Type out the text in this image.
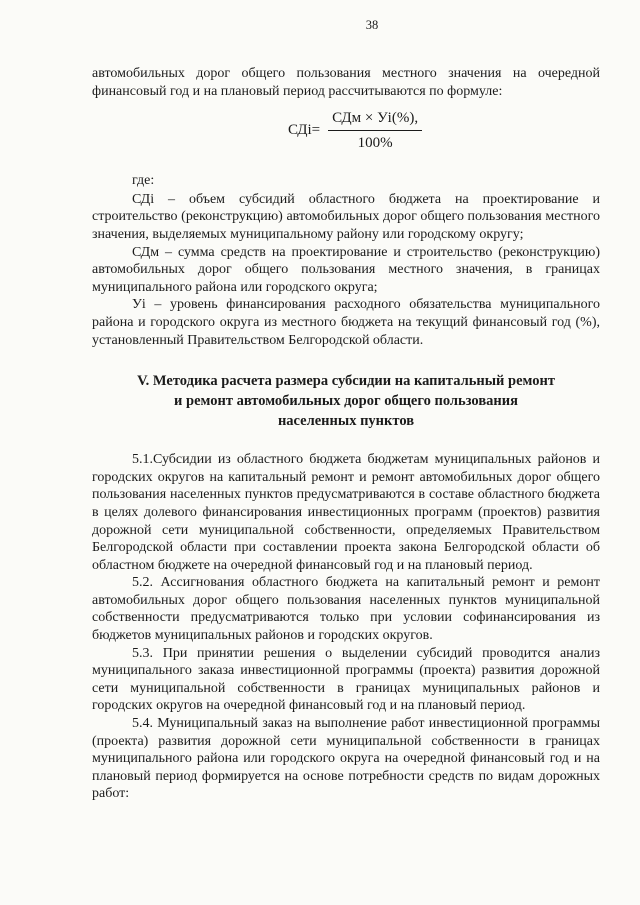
38

автомобильных дорог общего пользования местного значения на очередной финансовый год и на плановый период рассчитываются по формуле:

$СДi= \frac{\text{СДм × Уi(\%),}}{100\%}$
где:

СДi – объем субсидий областного бюджета на проектирование и строительство (реконструкцию) автомобильных дорог общего пользования местного значения, выделяемых муниципальному району или городскому округу;

СДм – сумма средств на проектирование и строительство (реконструкцию) автомобильных дорог общего пользования местного значения, в границах муниципального района или городского округа;

Уi – уровень финансирования расходного обязательства муниципального района и городского округа из местного бюджета на текущий финансовый год (%), установленный Правительством Белгородской области.

V. Методика расчета размера субсидии на капитальный ремонт
и ремонт автомобильных дорог общего пользования
населенных пунктов

5.1.Субсидии из областного бюджета бюджетам муниципальных районов и городских округов на капитальный ремонт и ремонт автомобильных дорог общего пользования населенных пунктов предусматриваются в составе областного бюджета в целях долевого финансирования инвестиционных программ (проектов) развития дорожной сети муниципальной собственности, определяемых Правительством Белгородской области при составлении проекта закона Белгородской области об областном бюджете на очередной финансовый год и на плановый период.

5.2. Ассигнования областного бюджета на капитальный ремонт и ремонт автомобильных дорог общего пользования населенных пунктов муниципальной собственности предусматриваются только при условии софинансирования из бюджетов муниципальных районов и городских округов.

5.3. При принятии решения о выделении субсидий проводится анализ муниципального заказа инвестиционной программы (проекта) развития дорожной сети муниципальной собственности в границах муниципальных районов и городских округов на очередной финансовый год и на плановый период.

5.4. Муниципальный заказ на выполнение работ инвестиционной программы (проекта) развития дорожной сети муниципальной собственности в границах муниципального района или городского округа на очередной финансовый год и на плановый период формируется на основе потребности средств по видам дорожных работ:
